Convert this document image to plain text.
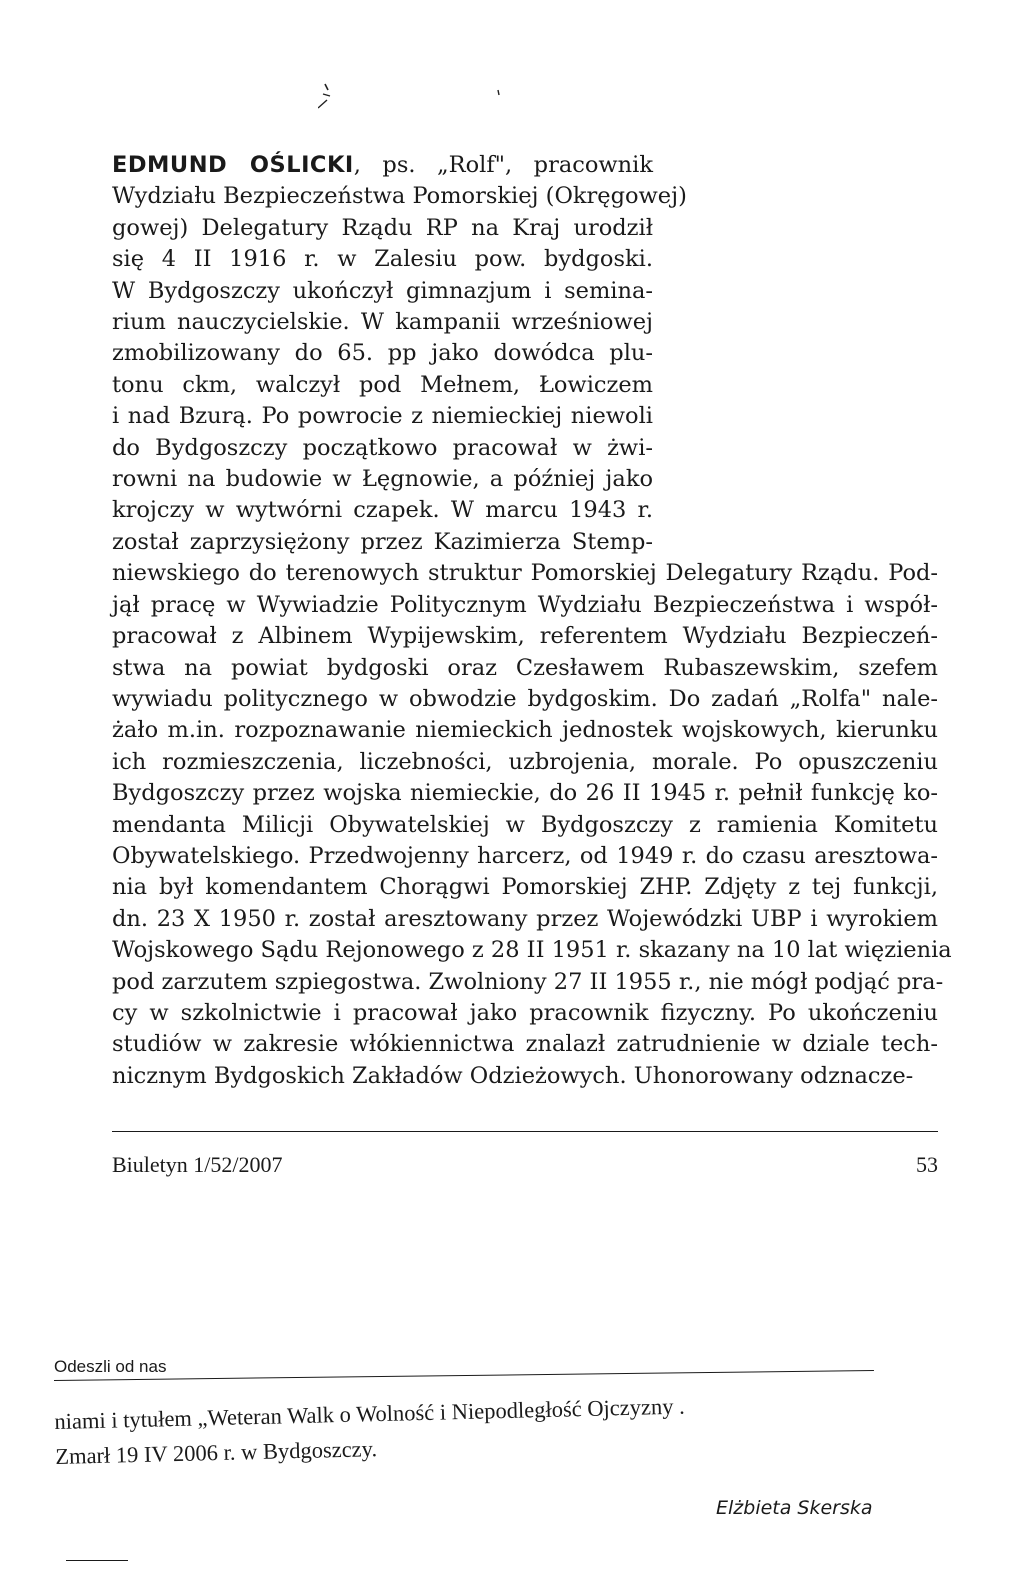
EDMUND OŚLICKI, ps. „Rolf", pracownik
Wydziału Bezpieczeństwa Pomorskiej (Okręgowej)
gowej) Delegatury Rządu RP na Kraj urodził
się 4 II 1916 r. w Zalesiu pow. bydgoski.
W Bydgoszczy ukończył gimnazjum i semina-
rium nauczycielskie. W kampanii wrześniowej
zmobilizowany do 65. pp jako dowódca plu-
tonu ckm, walczył pod Mełnem, Łowiczem
i nad Bzurą. Po powrocie z niemieckiej niewoli
do Bydgoszczy początkowo pracował w żwi-
rowni na budowie w Łęgnowie, a później jako
krojczy w wytwórni czapek. W marcu 1943 r.
został zaprzysiężony przez Kazimierza Stemp-
niewskiego do terenowych struktur Pomorskiej Delegatury Rządu. Pod-
jął pracę w Wywiadzie Politycznym Wydziału Bezpieczeństwa i współ-
pracował z Albinem Wypijewskim, referentem Wydziału Bezpieczeń-
stwa na powiat bydgoski oraz Czesławem Rubaszewskim, szefem
wywiadu politycznego w obwodzie bydgoskim. Do zadań „Rolfa" nale-
żało m.in. rozpoznawanie niemieckich jednostek wojskowych, kierunku
ich rozmieszczenia, liczebności, uzbrojenia, morale. Po opuszczeniu
Bydgoszczy przez wojska niemieckie, do 26 II 1945 r. pełnił funkcję ko-
mendanta Milicji Obywatelskiej w Bydgoszczy z ramienia Komitetu
Obywatelskiego. Przedwojenny harcerz, od 1949 r. do czasu aresztowa-
nia był komendantem Chorągwi Pomorskiej ZHP. Zdjęty z tej funkcji,
dn. 23 X 1950 r. został aresztowany przez Wojewódzki UBP i wyrokiem
Wojskowego Sądu Rejonowego z 28 II 1951 r. skazany na 10 lat więzienia
pod zarzutem szpiegostwa. Zwolniony 27 II 1955 r., nie mógł podjąć pra-
cy w szkolnictwie i pracował jako pracownik fizyczny. Po ukończeniu
studiów w zakresie włókiennictwa znalazł zatrudnienie w dziale tech-
nicznym Bydgoskich Zakładów Odzieżowych. Uhonorowany odznacze-
Biuletyn 1/52/2007	53
Odeszli od nas
niami i tytułem „Weteran Walk o Wolność i Niepodległość Ojczyzny .
Zmarł 19 IV 2006 r. w Bydgoszczy.
Elżbieta Skerska
